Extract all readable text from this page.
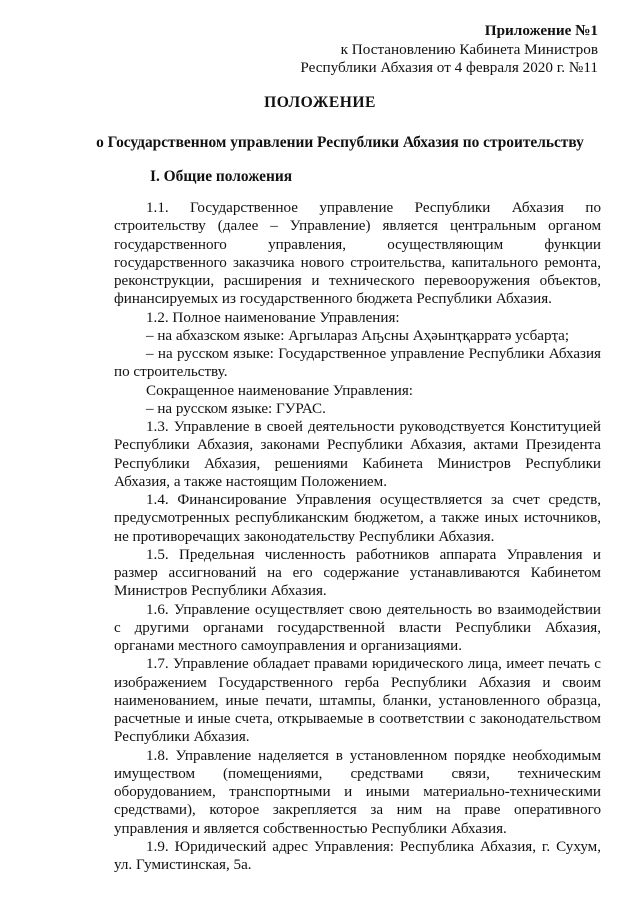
Приложение №1
к Постановлению Кабинета Министров
Республики Абхазия от 4 февраля 2020 г. №11
ПОЛОЖЕНИЕ
о Государственном управлении Республики Абхазия по строительству
I. Общие положения

1.1. Государственное управление Республики Абхазия по строительству (далее – Управление) является центральным органом государственного управления, осуществляющим функции государственного заказчика нового строительства, капитального ремонта, реконструкции, расширения и технического перевооружения объектов, финансируемых из государственного бюджета Республики Абхазия.

1.2. Полное наименование Управления:

– на абхазском языке: Аргылараз Аҧсны Аҳәынҭқарратә усбарҭа;

– на русском языке: Государственное управление Республики Абхазия по строительству.

Сокращенное наименование Управления:

– на русском языке: ГУРАС.

1.3. Управление в своей деятельности руководствуется Конституцией Республики Абхазия, законами Республики Абхазия, актами Президента Республики Абхазия, решениями Кабинета Министров Республики Абхазия, а также настоящим Положением.

1.4. Финансирование Управления осуществляется за счет средств, предусмотренных республиканским бюджетом, а также иных источников, не противоречащих законодательству Республики Абхазия.

1.5. Предельная численность работников аппарата Управления и размер ассигнований на его содержание устанавливаются Кабинетом Министров Республики Абхазия.

1.6. Управление осуществляет свою деятельность во взаимодействии с другими органами государственной власти Республики Абхазия, органами местного самоуправления и организациями.

1.7. Управление обладает правами юридического лица, имеет печать с изображением Государственного герба Республики Абхазия и своим наименованием, иные печати, штампы, бланки, установленного образца, расчетные и иные счета, открываемые в соответствии с законодательством Республики Абхазия.

1.8. Управление наделяется в установленном порядке необходимым имуществом (помещениями, средствами связи, техническим оборудованием, транспортными и иными материально-техническими средствами), которое закрепляется за ним на праве оперативного управления и является собственностью Республики Абхазия.

1.9. Юридический адрес Управления: Республика Абхазия, г. Сухум, ул. Гумистинская, 5а.
